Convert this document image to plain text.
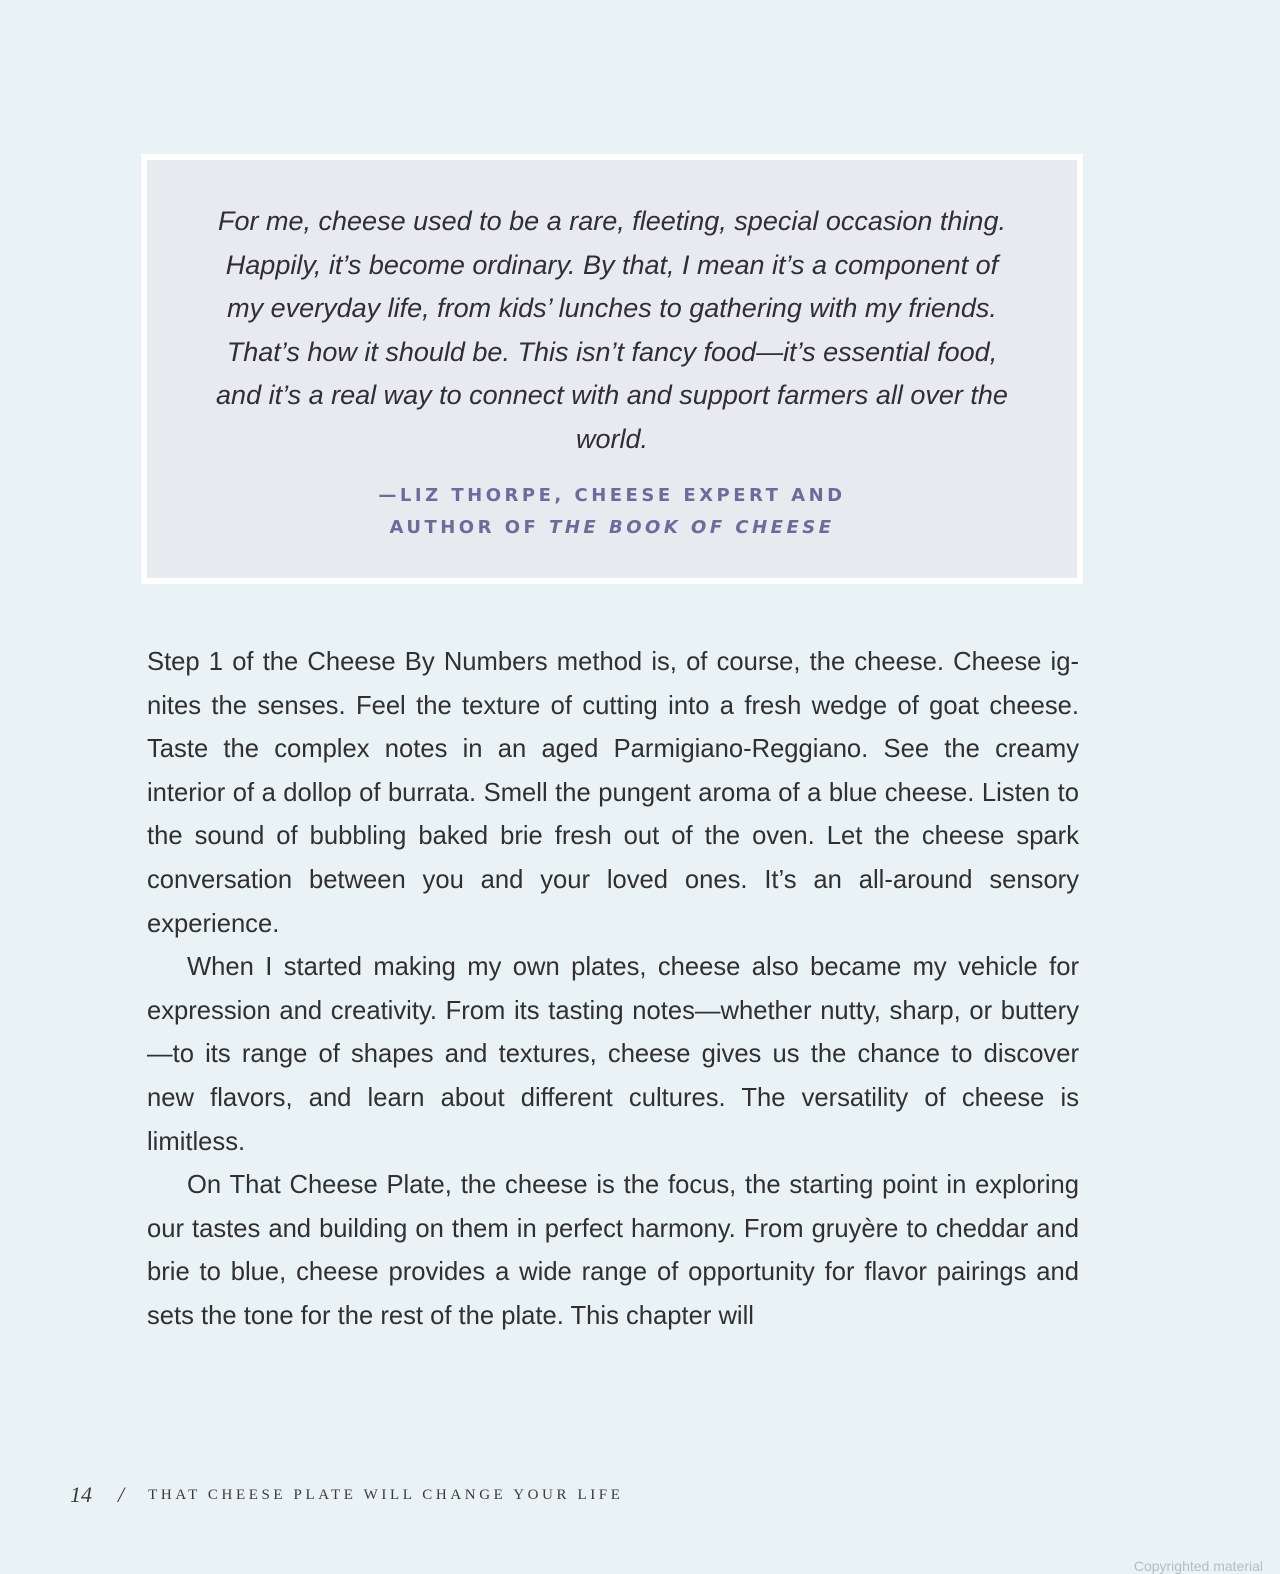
For me, cheese used to be a rare, fleeting, special occasion thing. Happily, it’s become ordinary. By that, I mean it’s a component of my everyday life, from kids’ lunches to gathering with my friends. That’s how it should be. This isn’t fancy food—it’s essential food, and it’s a real way to connect with and support farmers all over the world.

—LIZ THORPE, CHEESE EXPERT AND
AUTHOR OF THE BOOK OF CHEESE

Step 1 of the Cheese By Numbers method is, of course, the cheese. Cheese ignites the senses. Feel the texture of cutting into a fresh wedge of goat cheese. Taste the complex notes in an aged Parmigiano-Reggiano. See the creamy interior of a dollop of burrata. Smell the pungent aroma of a blue cheese. Listen to the sound of bubbling baked brie fresh out of the oven. Let the cheese spark conversation between you and your loved ones. It’s an all-around sensory experience.

When I started making my own plates, cheese also became my vehicle for expression and creativity. From its tasting notes—whether nutty, sharp, or buttery—to its range of shapes and textures, cheese gives us the chance to discover new flavors, and learn about different cultures. The versatility of cheese is limitless.

On That Cheese Plate, the cheese is the focus, the starting point in exploring our tastes and building on them in perfect harmony. From gruyère to cheddar and brie to blue, cheese provides a wide range of opportunity for flavor pairings and sets the tone for the rest of the plate. This chapter will

14 / THAT CHEESE PLATE WILL CHANGE YOUR LIFE
Copyrighted material
